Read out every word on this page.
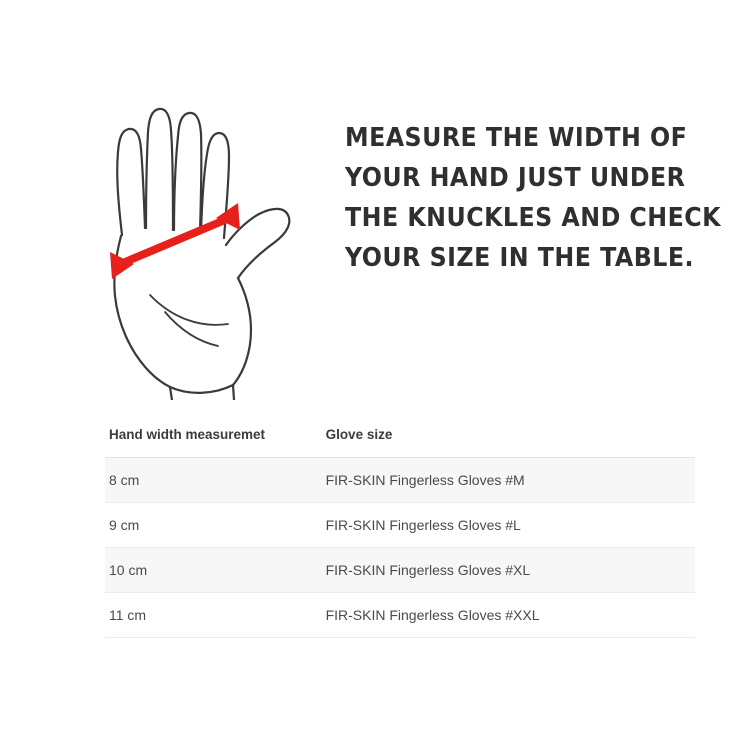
MEASURE THE WIDTH OF
YOUR HAND JUST UNDER
THE KNUCKLES AND CHECK
YOUR SIZE IN THE TABLE.
Hand width measuremet	Glove size
8 cm	FIR-SKIN Fingerless Gloves #M
9 cm	FIR-SKIN Fingerless Gloves #L
10 cm	FIR-SKIN Fingerless Gloves #XL
11 cm	FIR-SKIN Fingerless Gloves #XXL
